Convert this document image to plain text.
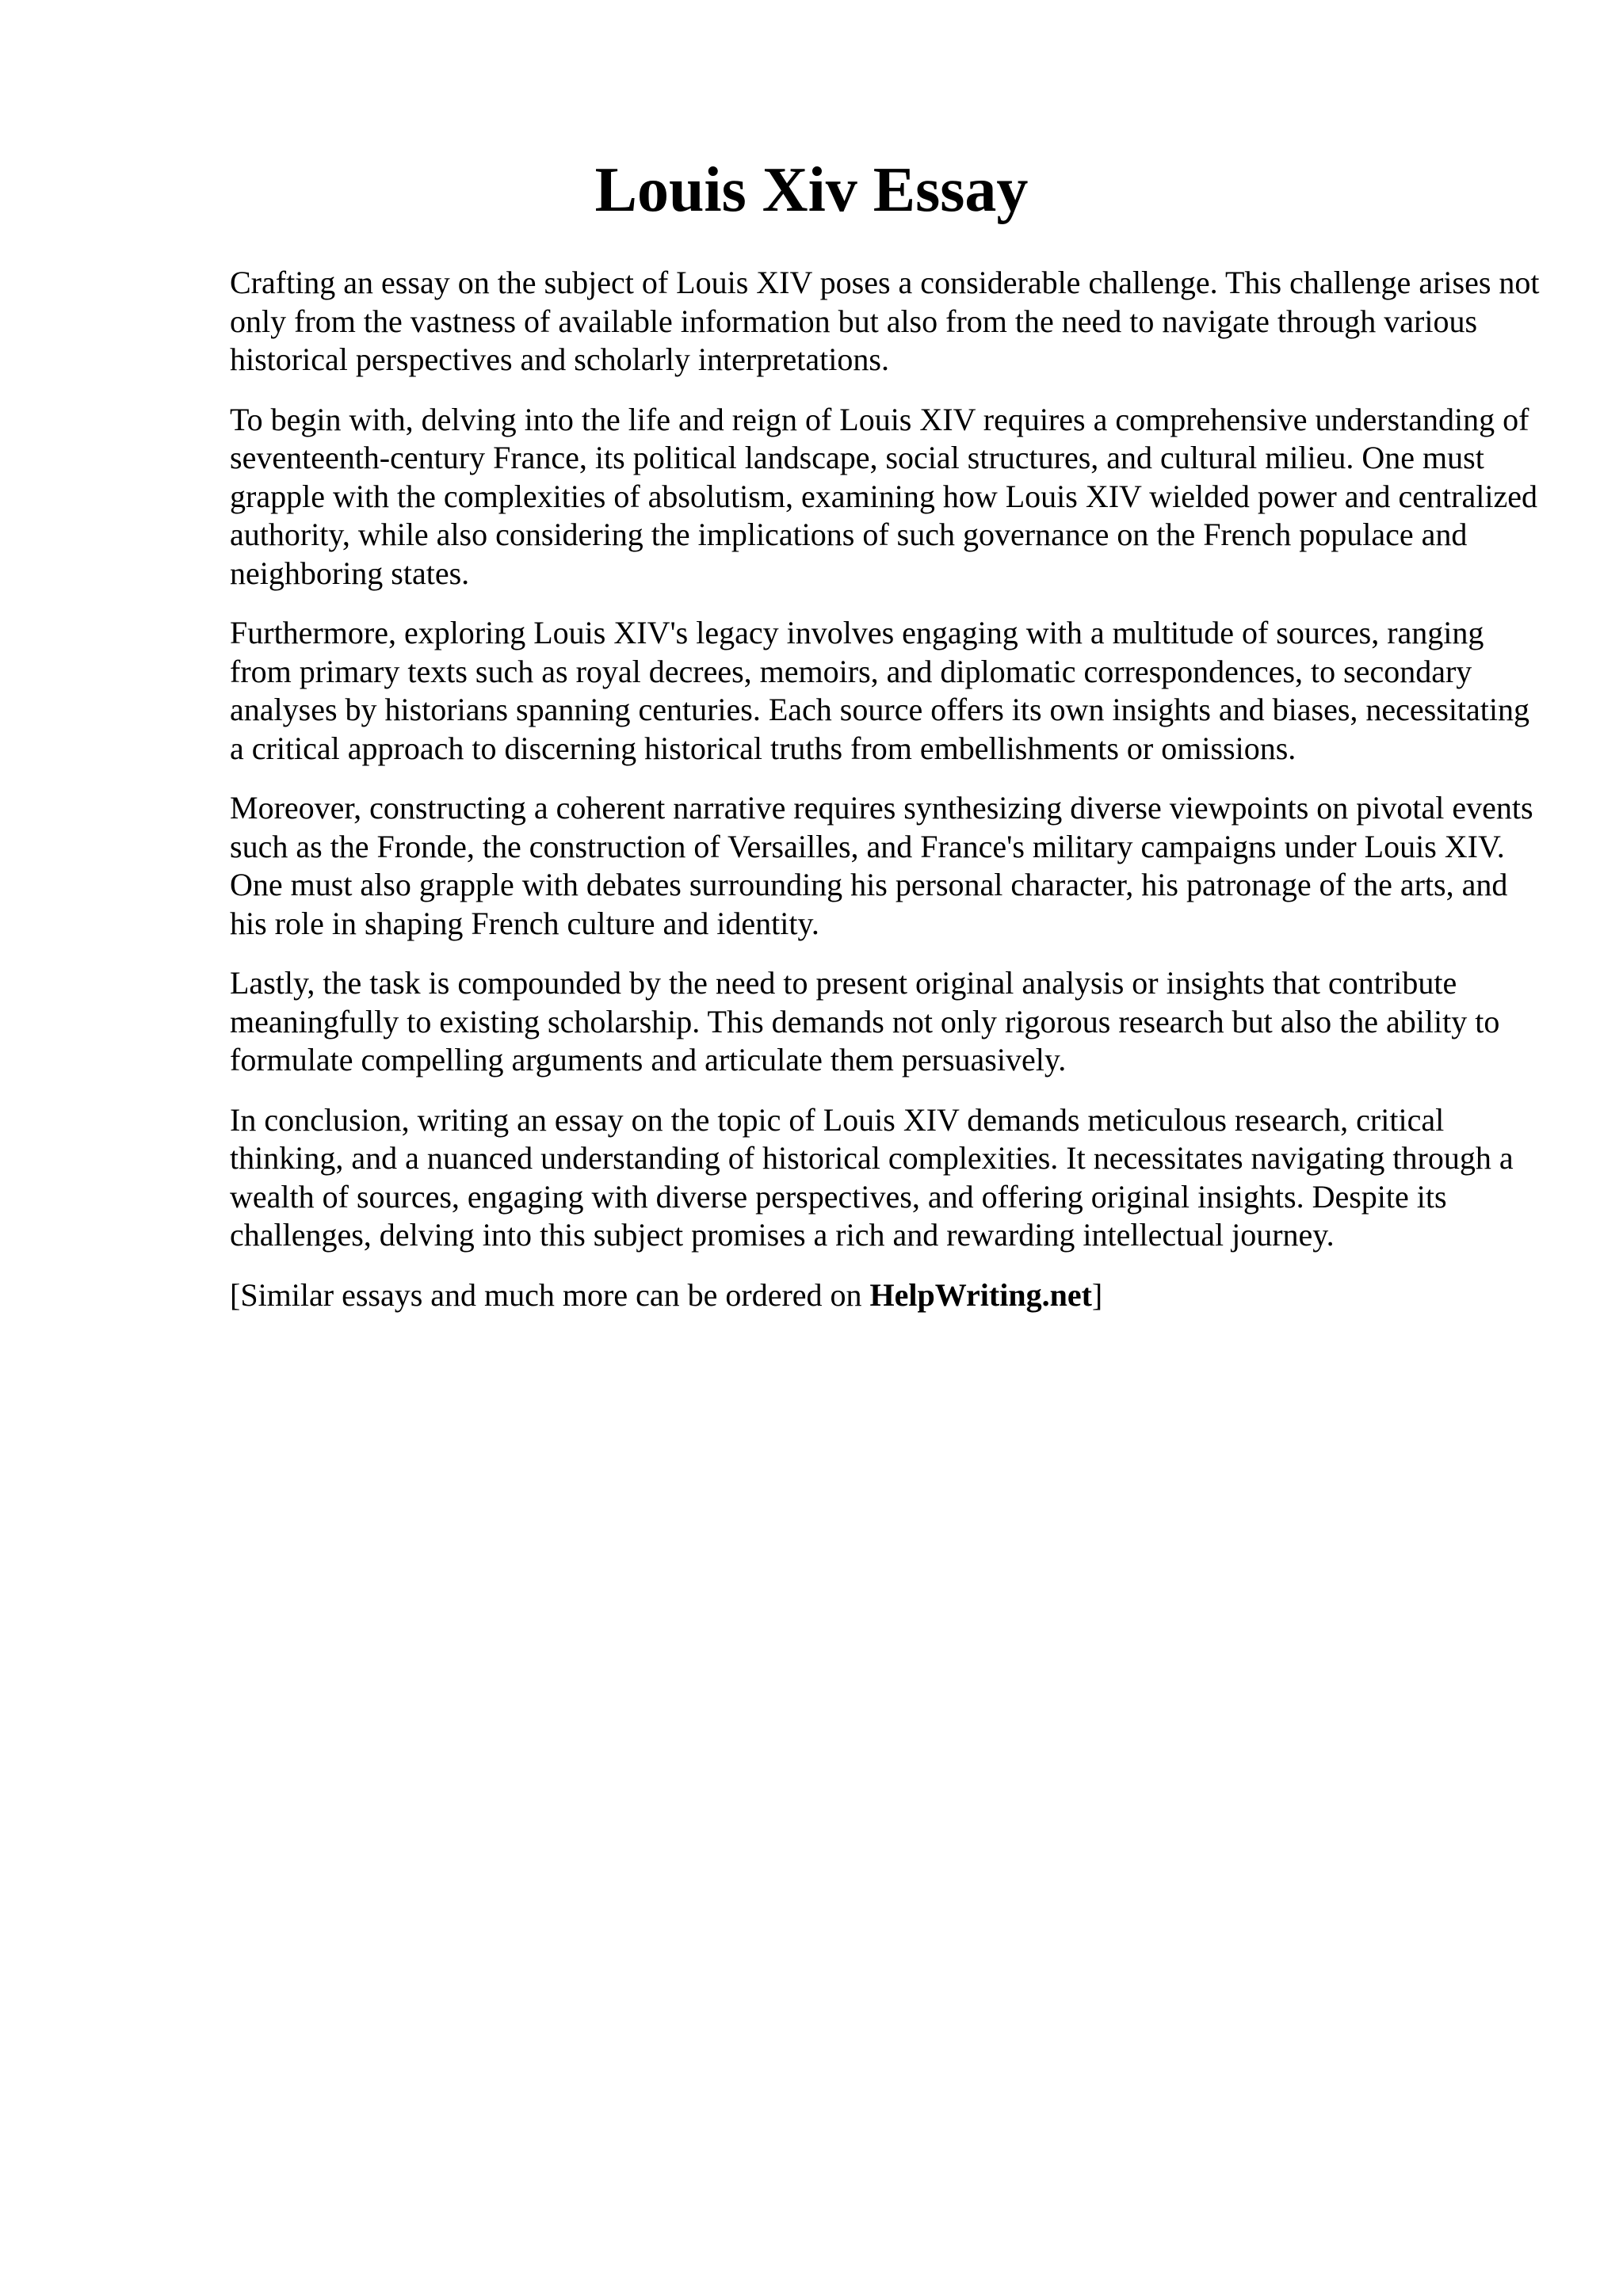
Louis Xiv Essay

Crafting an essay on the subject of Louis XIV poses a considerable challenge. This challenge arises not only from the vastness of available information but also from the need to navigate through various historical perspectives and scholarly interpretations.

To begin with, delving into the life and reign of Louis XIV requires a comprehensive understanding of seventeenth-century France, its political landscape, social structures, and cultural milieu. One must grapple with the complexities of absolutism, examining how Louis XIV wielded power and centralized authority, while also considering the implications of such governance on the French populace and neighboring states.

Furthermore, exploring Louis XIV's legacy involves engaging with a multitude of sources, ranging from primary texts such as royal decrees, memoirs, and diplomatic correspondences, to secondary analyses by historians spanning centuries. Each source offers its own insights and biases, necessitating a critical approach to discerning historical truths from embellishments or omissions.

Moreover, constructing a coherent narrative requires synthesizing diverse viewpoints on pivotal events such as the Fronde, the construction of Versailles, and France's military campaigns under Louis XIV. One must also grapple with debates surrounding his personal character, his patronage of the arts, and his role in shaping French culture and identity.

Lastly, the task is compounded by the need to present original analysis or insights that contribute meaningfully to existing scholarship. This demands not only rigorous research but also the ability to formulate compelling arguments and articulate them persuasively.

In conclusion, writing an essay on the topic of Louis XIV demands meticulous research, critical thinking, and a nuanced understanding of historical complexities. It necessitates navigating through a wealth of sources, engaging with diverse perspectives, and offering original insights. Despite its challenges, delving into this subject promises a rich and rewarding intellectual journey.

[Similar essays and much more can be ordered on HelpWriting.net]
